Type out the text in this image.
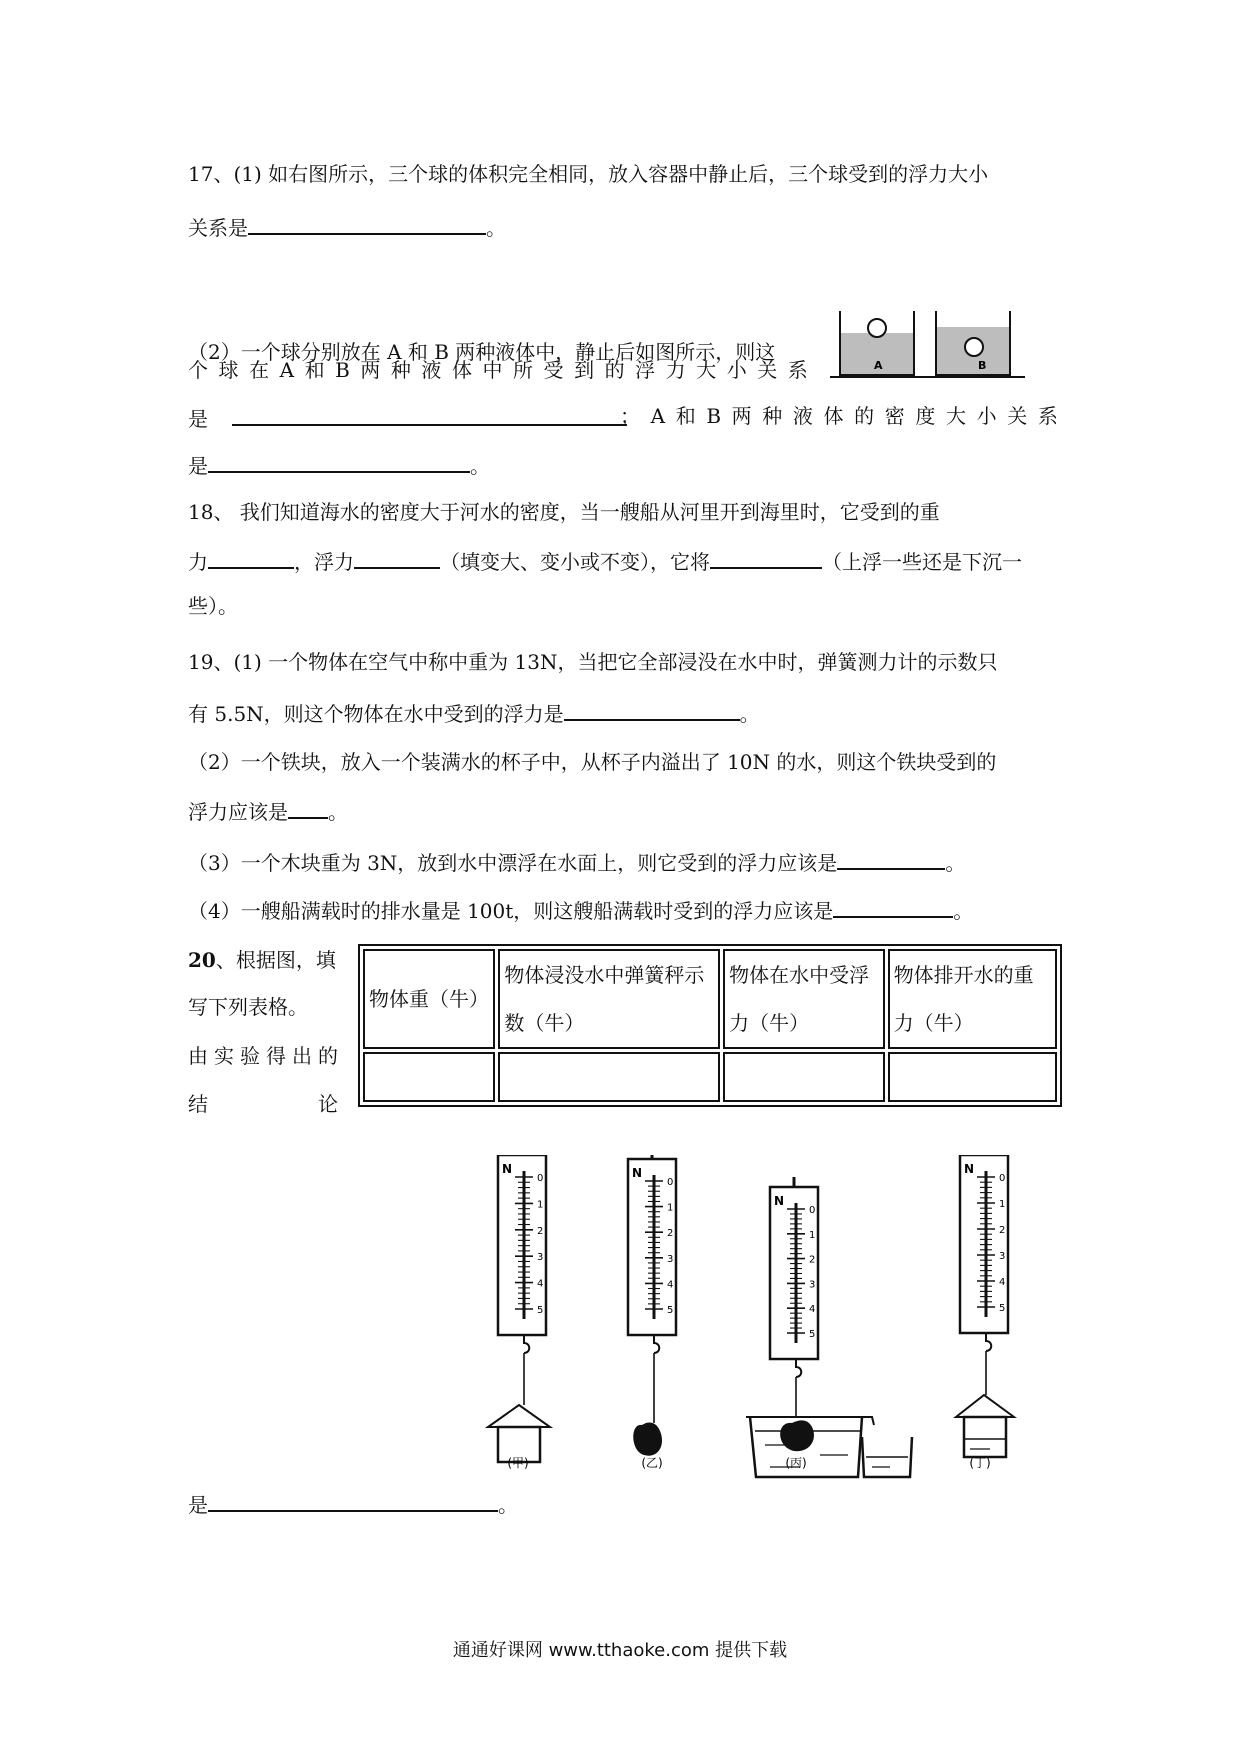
17、(1) 如右图所示，三个球的体积完全相同，放入容器中静止后，三个球受到的浮力大小
关系是	。
（2）一个球分别放在 A 和 B 两种液体中，静止后如图所示，则这
个 球 在 A 和 B 两 种 液 体 中 所 受 到 的 浮 力 大 小 关 系	A	B
是	； A 和 B 两 种 液 体 的 密 度 大 小 关 系
是	。
18、 我们知道海水的密度大于河水的密度，当一艘船从河里开到海里时，它受到的重
力	，浮力	（填变大、变小或不变），它将	（上浮一些还是下沉一
些）。
19、(1) 一个物体在空气中称中重为 13N，当把它全部浸没在水中时，弹簧测力计的示数只
有 5.5N，则这个物体在水中受到的浮力是	。
（2）一个铁块，放入一个装满水的杯子中，从杯子内溢出了 10N 的水，则这个铁块受到的
浮力应该是 。
（3）一个木块重为 3N，放到水中漂浮在水面上，则它受到的浮力应该是	。
（4）一艘船满载时的排水量是 100t，则这艘船满载时受到的浮力应该是	。
20、根据图，填
写下列表格。
由 实 验 得 出 的
结	论
物体重（牛）	物体浸没水中弹簧秤示数（牛）	物体在水中受浮力（牛）	物体排开水的重力（牛）

N
0
1
2
3
4
5
N
0
1
2
3
4
5
N
0
1
2
3
4
5
N
0
1
2
3
4
5
(甲)	(乙)	(丙)	(丁)
是	。
通通好课网 www.tthaoke.com 提供下载
